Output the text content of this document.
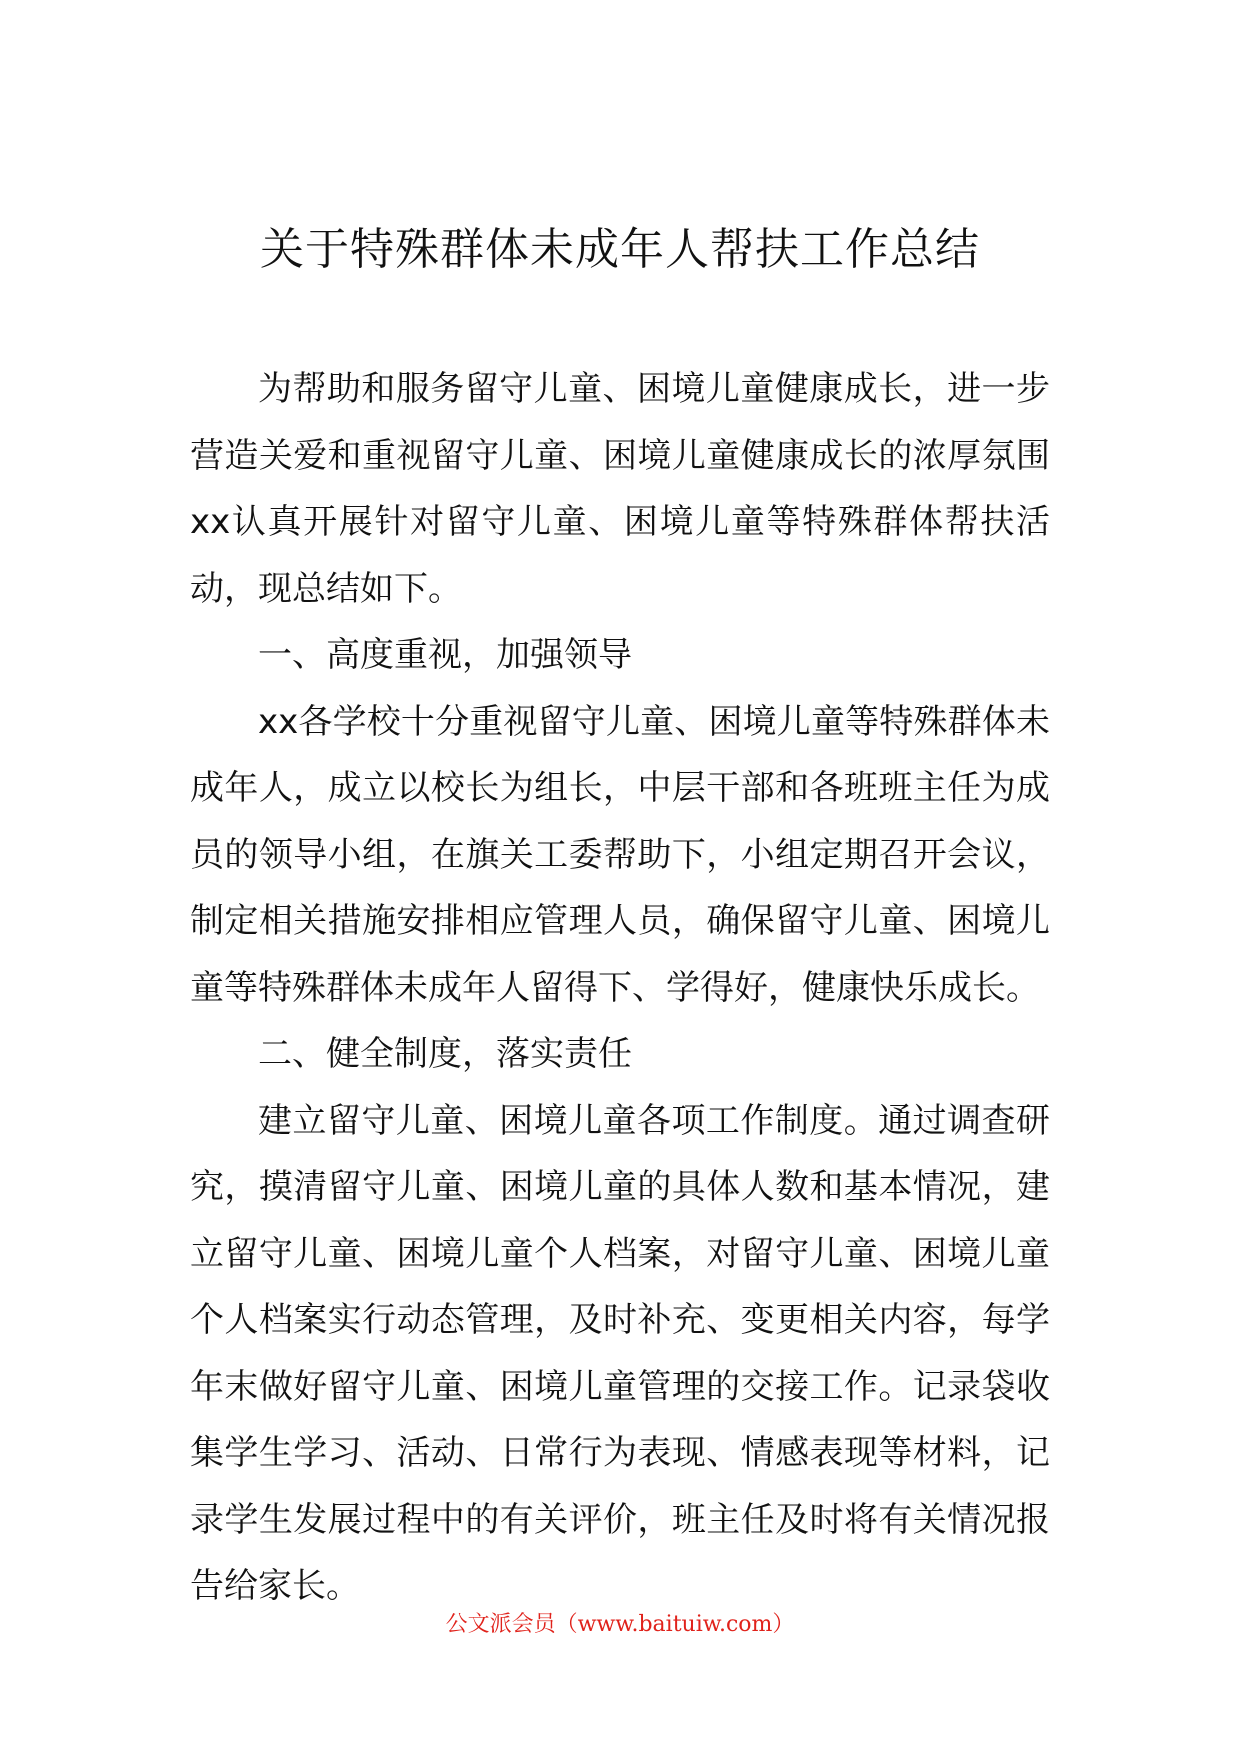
关于特殊群体未成年人帮扶工作总结

为帮助和服务留守儿童、困境儿童健康成长，进一步营造关爱和重视留守儿童、困境儿童健康成长的浓厚氛围xx认真开展针对留守儿童、困境儿童等特殊群体帮扶活动，现总结如下。

一、高度重视，加强领导

xx各学校十分重视留守儿童、困境儿童等特殊群体未成年人，成立以校长为组长，中层干部和各班班主任为成员的领导小组，在旗关工委帮助下，小组定期召开会议，制定相关措施安排相应管理人员，确保留守儿童、困境儿童等特殊群体未成年人留得下、学得好，健康快乐成长。

二、健全制度，落实责任

建立留守儿童、困境儿童各项工作制度。通过调查研究，摸清留守儿童、困境儿童的具体人数和基本情况，建立留守儿童、困境儿童个人档案，对留守儿童、困境儿童个人档案实行动态管理，及时补充、变更相关内容，每学年末做好留守儿童、困境儿童管理的交接工作。记录袋收集学生学习、活动、日常行为表现、情感表现等材料，记录学生发展过程中的有关评价，班主任及时将有关情况报告给家长。

公文派会员（www.baituiw.com）
